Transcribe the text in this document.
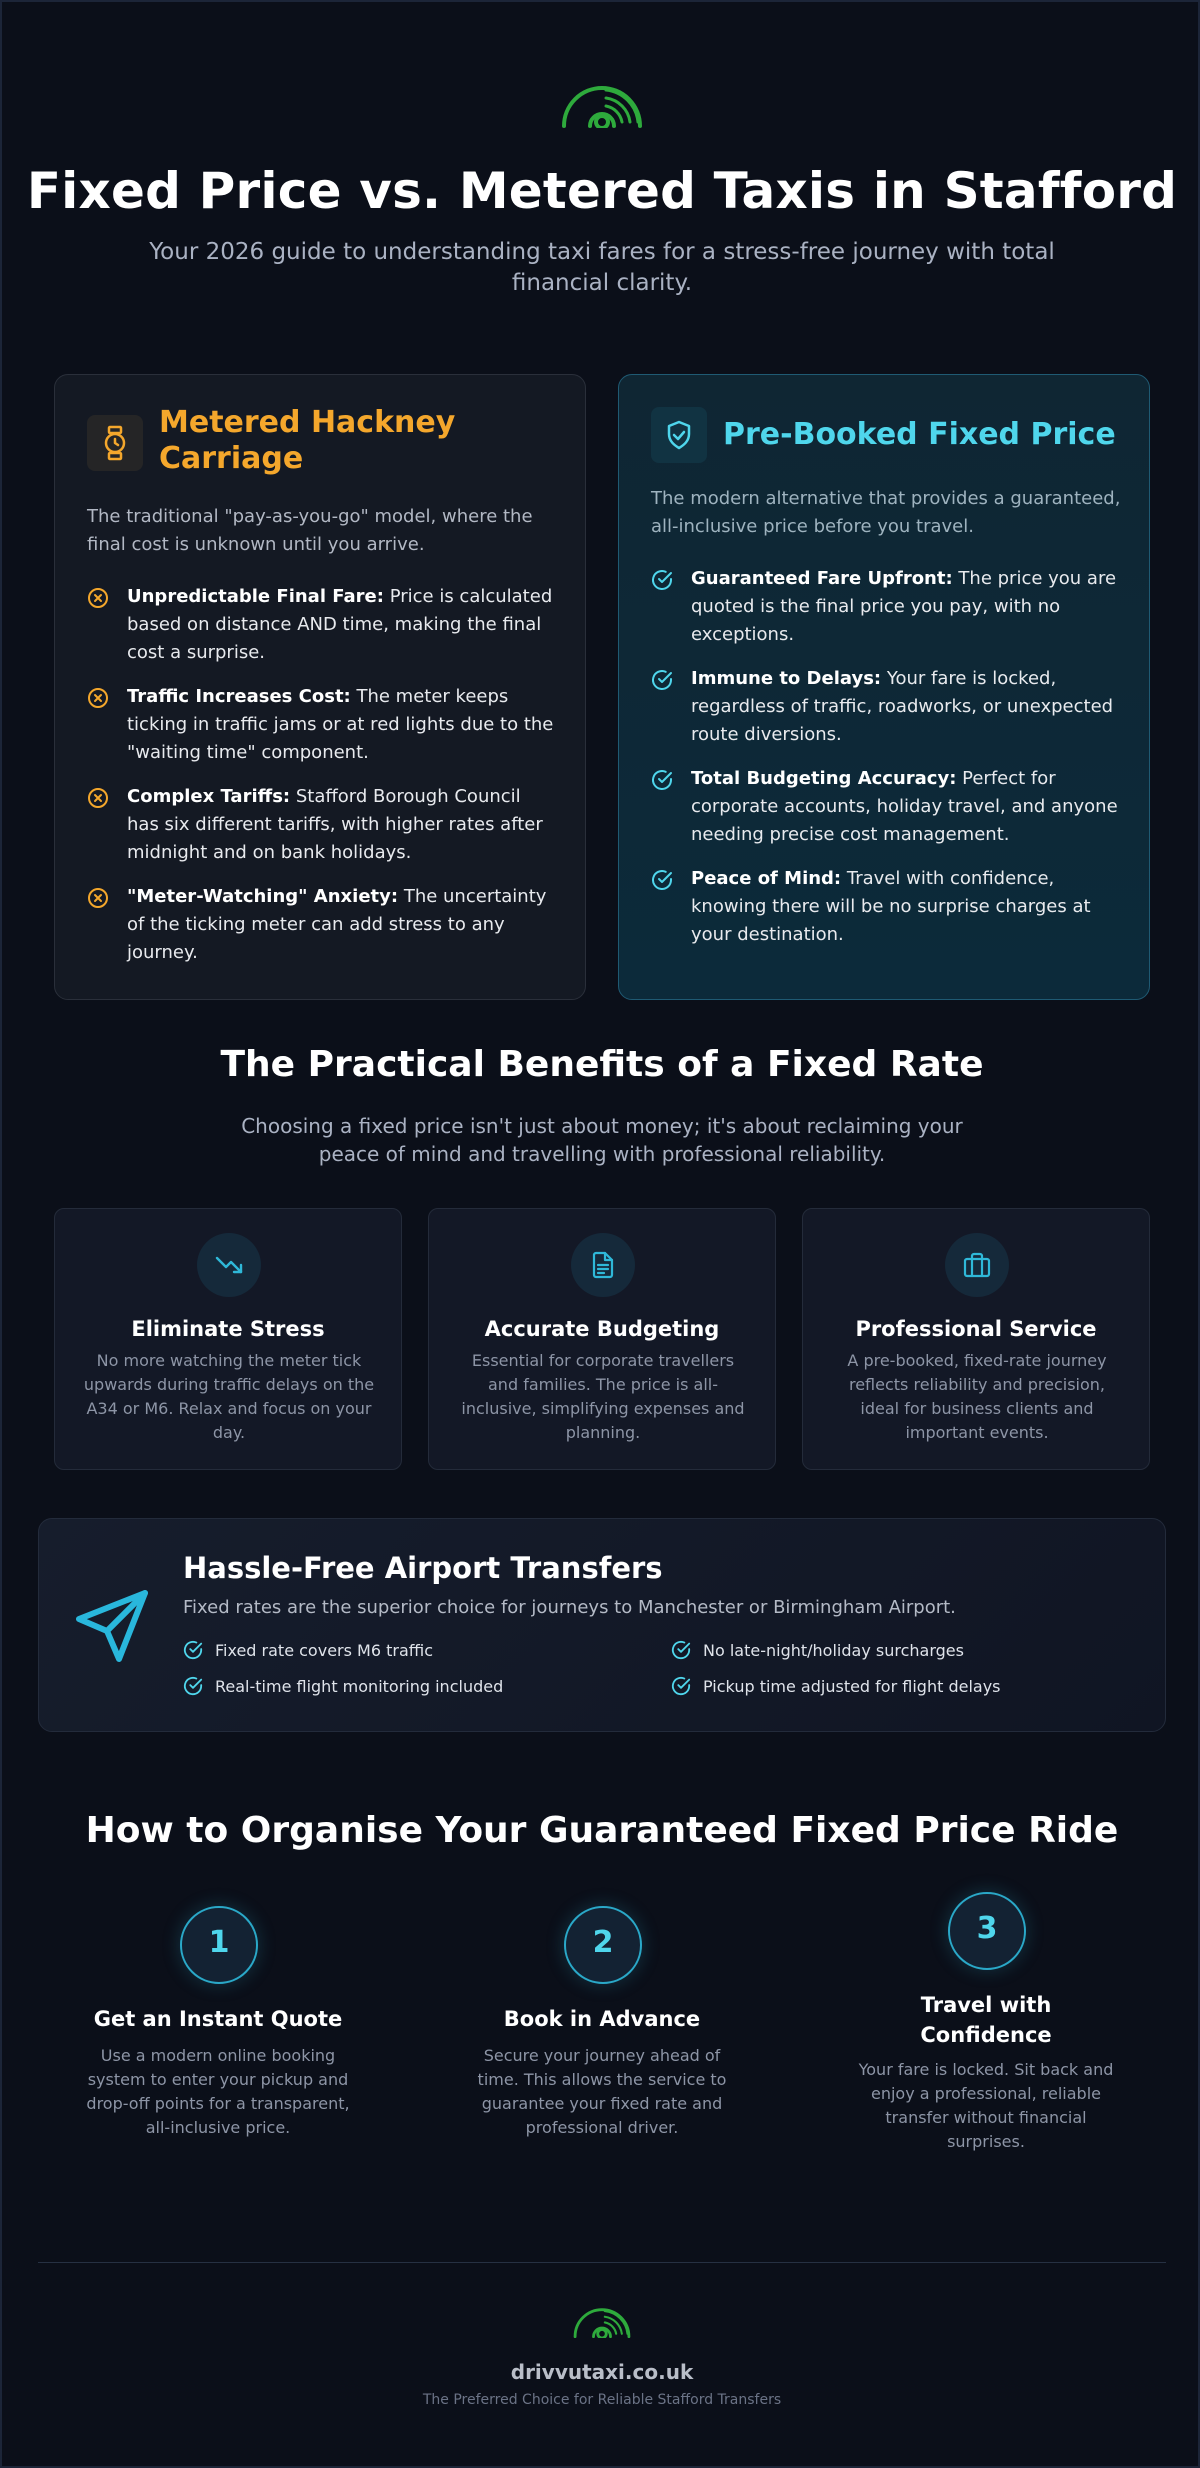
Fixed Price vs. Metered Taxis in Stafford
Your 2026 guide to understanding taxi fares for a stress-free journey with total financial clarity.
Metered Hackney Carriage
The traditional "pay-as-you-go" model, where the final cost is unknown until you arrive.
Unpredictable Final Fare: Price is calculated based on distance AND time, making the final cost a surprise.
Traffic Increases Cost: The meter keeps ticking in traffic jams or at red lights due to the "waiting time" component.
Complex Tariffs: Stafford Borough Council has six different tariffs, with higher rates after midnight and on bank holidays.
"Meter-Watching" Anxiety: The uncertainty of the ticking meter can add stress to any journey.
Pre-Booked Fixed Price
The modern alternative that provides a guaranteed, all-inclusive price before you travel.
Guaranteed Fare Upfront: The price you are quoted is the final price you pay, with no exceptions.
Immune to Delays: Your fare is locked, regardless of traffic, roadworks, or unexpected route diversions.
Total Budgeting Accuracy: Perfect for corporate accounts, holiday travel, and anyone needing precise cost management.
Peace of Mind: Travel with confidence, knowing there will be no surprise charges at your destination.
The Practical Benefits of a Fixed Rate
Choosing a fixed price isn't just about money; it's about reclaiming your peace of mind and travelling with professional reliability.
Eliminate Stress
No more watching the meter tick upwards during traffic delays on the A34 or M6. Relax and focus on your day.
Accurate Budgeting
Essential for corporate travellers and families. The price is all-inclusive, simplifying expenses and planning.
Professional Service
A pre-booked, fixed-rate journey reflects reliability and precision, ideal for business clients and important events.
Hassle-Free Airport Transfers
Fixed rates are the superior choice for journeys to Manchester or Birmingham Airport.
Fixed rate covers M6 traffic	No late-night/holiday surcharges
Real-time flight monitoring included	Pickup time adjusted for flight delays
How to Organise Your Guaranteed Fixed Price Ride
1
Get an Instant Quote
Use a modern online booking system to enter your pickup and drop-off points for a transparent, all-inclusive price.
2
Book in Advance
Secure your journey ahead of time. This allows the service to guarantee your fixed rate and professional driver.
3
Travel with Confidence
Your fare is locked. Sit back and enjoy a professional, reliable transfer without financial surprises.
drivvutaxi.co.uk
The Preferred Choice for Reliable Stafford Transfers
